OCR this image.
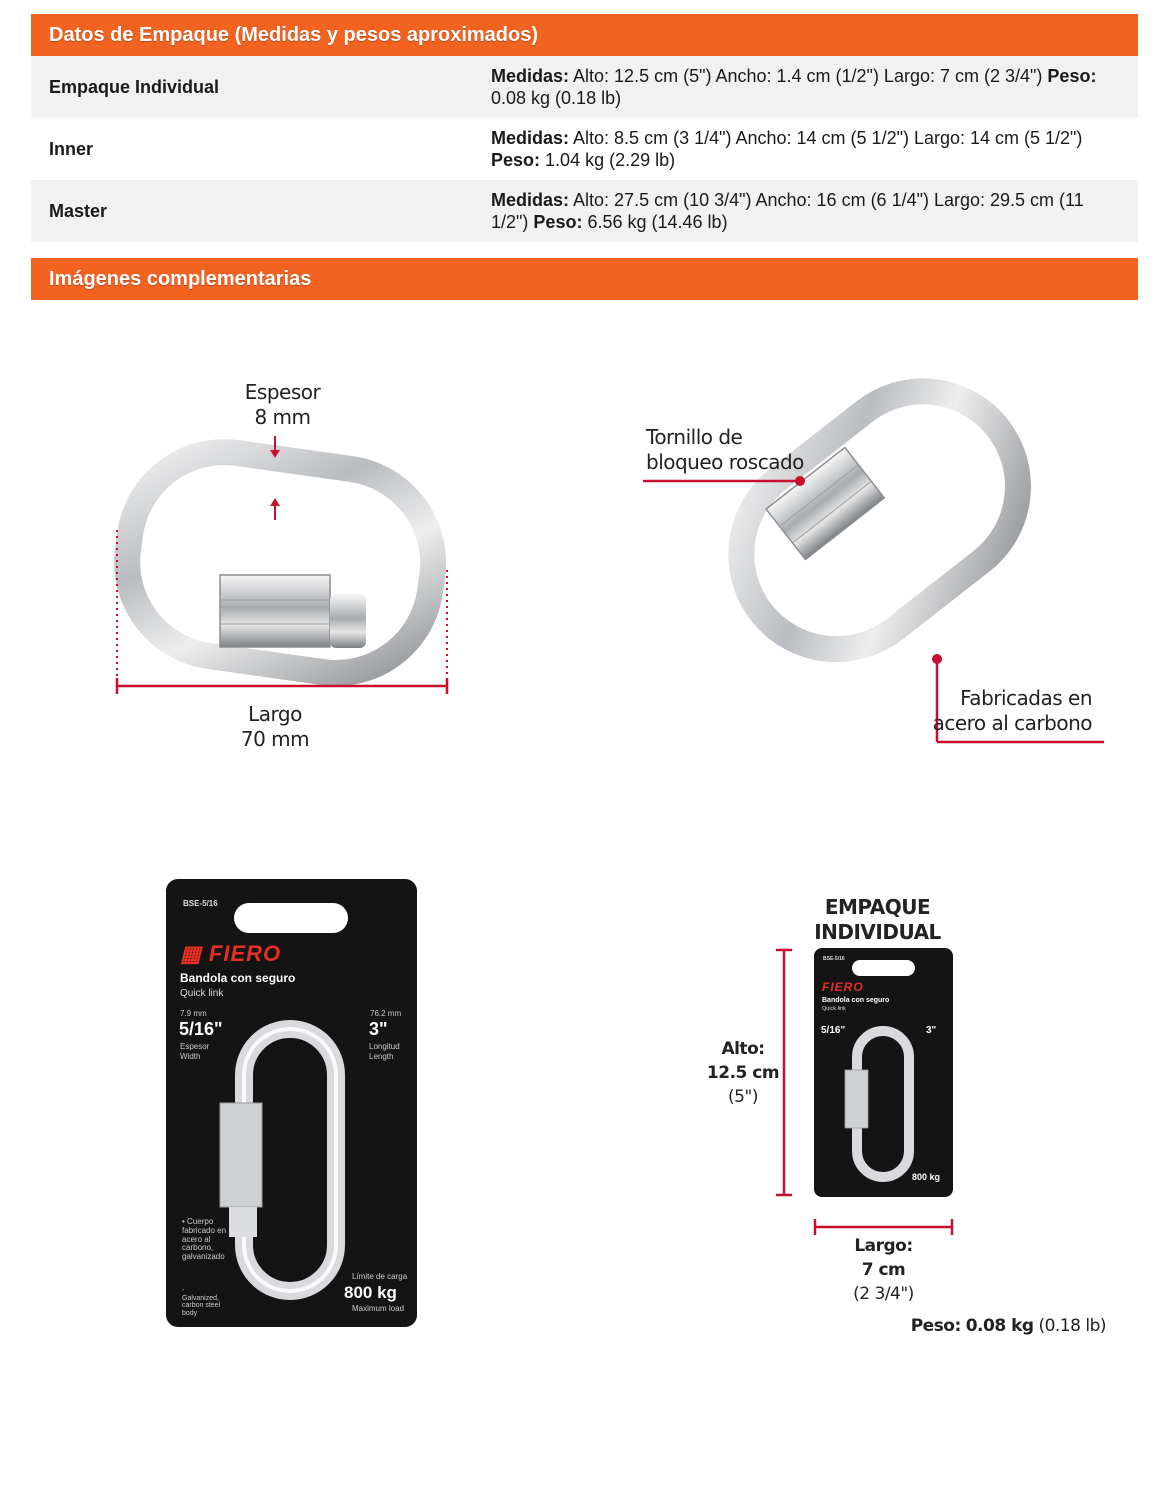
Datos de Empaque (Medidas y pesos aproximados)
Empaque Individual
Medidas: Alto: 12.5 cm (5") Ancho: 1.4 cm (1/2") Largo: 7 cm (2 3/4") Peso: 0.08 kg (0.18 lb)
Inner
Medidas: Alto: 8.5 cm (3 1/4") Ancho: 14 cm (5 1/2") Largo: 14 cm (5 1/2") Peso: 1.04 kg (2.29 lb)
Master
Medidas: Alto: 27.5 cm (10 3/4") Ancho: 16 cm (6 1/4") Largo: 29.5 cm (11 1/2") Peso: 6.56 kg (14.46 lb)
Imágenes complementarias
Espesor
8 mm
Largo
70 mm
Tornillo de
bloqueo roscado
Fabricadas en
acero al carbono
BSE-5/16
▦ FIERO
Bandola con seguro
Quick link
7.9 mm
5/16"
Espesor
Width
76.2 mm
3"
Longitud
Length
• Cuerpo fabricado en acero al carbono, galvanizado
- Galvanized, carbon steel body
Límite de carga
800 kg
Maximum load
EMPAQUE INDIVIDUAL
BSE-5/16
FIERO
Bandola con seguro
Quick link
5/16"	3"
800 kg
Alto:
12.5 cm
(5")
Largo:
7 cm
(2 3/4")
Peso: 0.08 kg (0.18 lb)
